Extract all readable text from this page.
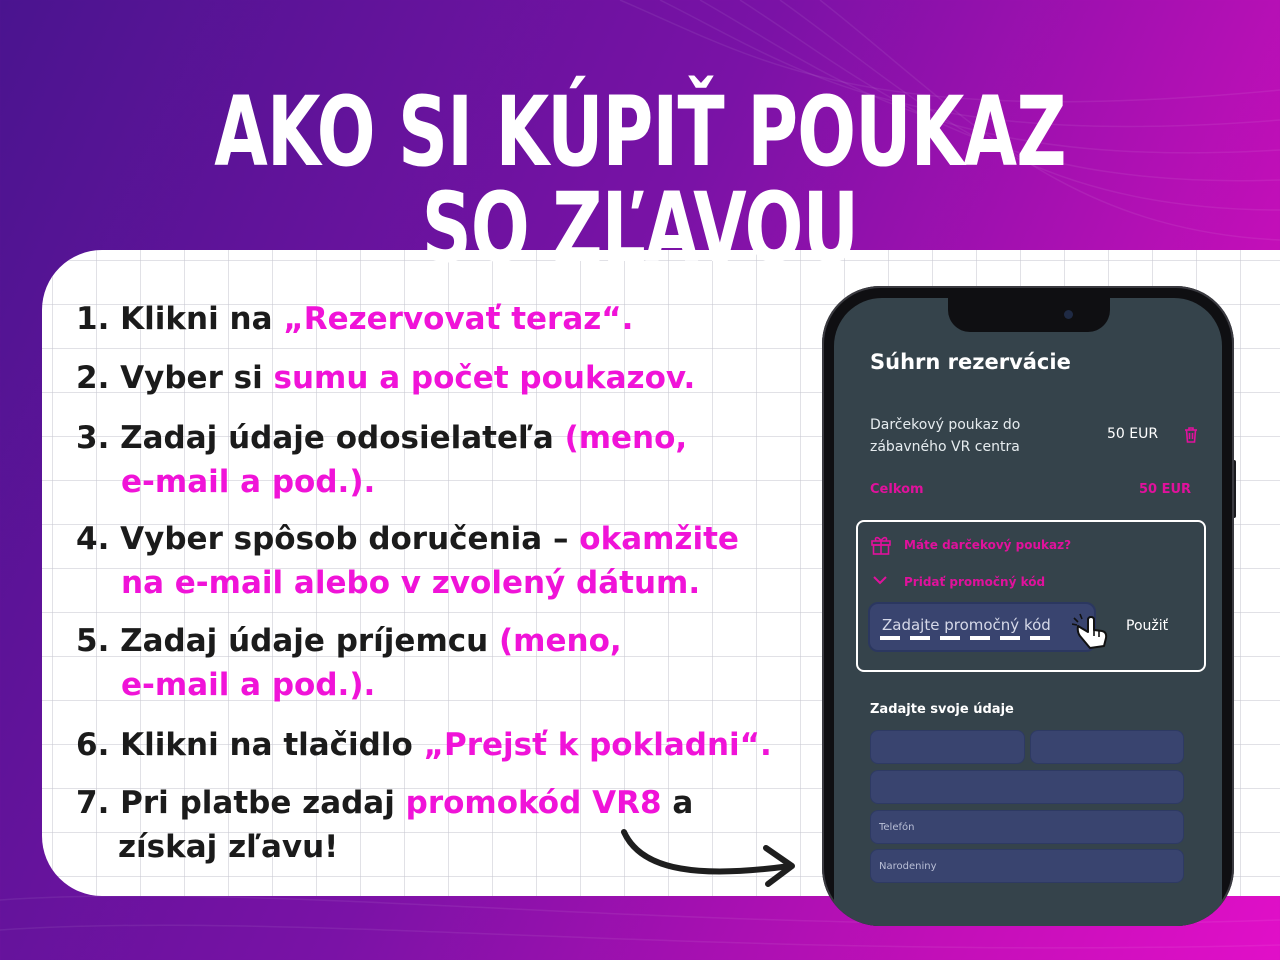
AKO SI KÚPIŤ POUKAZ SO ZĽAVOU
1. Klikni na „Rezervovať teraz“.
2. Vyber si sumu a počet poukazov.
3. Zadaj údaje odosielateľa (meno,
e-mail a pod.).
4. Vyber spôsob doručenia – okamžite
na e-mail alebo v zvolený dátum.
5. Zadaj údaje príjemcu (meno,
e-mail a pod.).
6. Klikni na tlačidlo „Prejsť k pokladni“.
7. Pri platbe zadaj promokód VR8 a
získaj zľavu!
Súhrn rezervácie
Darčekový poukaz do
zábavného VR centra
50 EUR
Celkom	50 EUR
Máte darčekový poukaz?
Pridať promočný kód
Zadajte promočný kód	Použiť
Zadajte svoje údaje
Telefón
Narodeniny
